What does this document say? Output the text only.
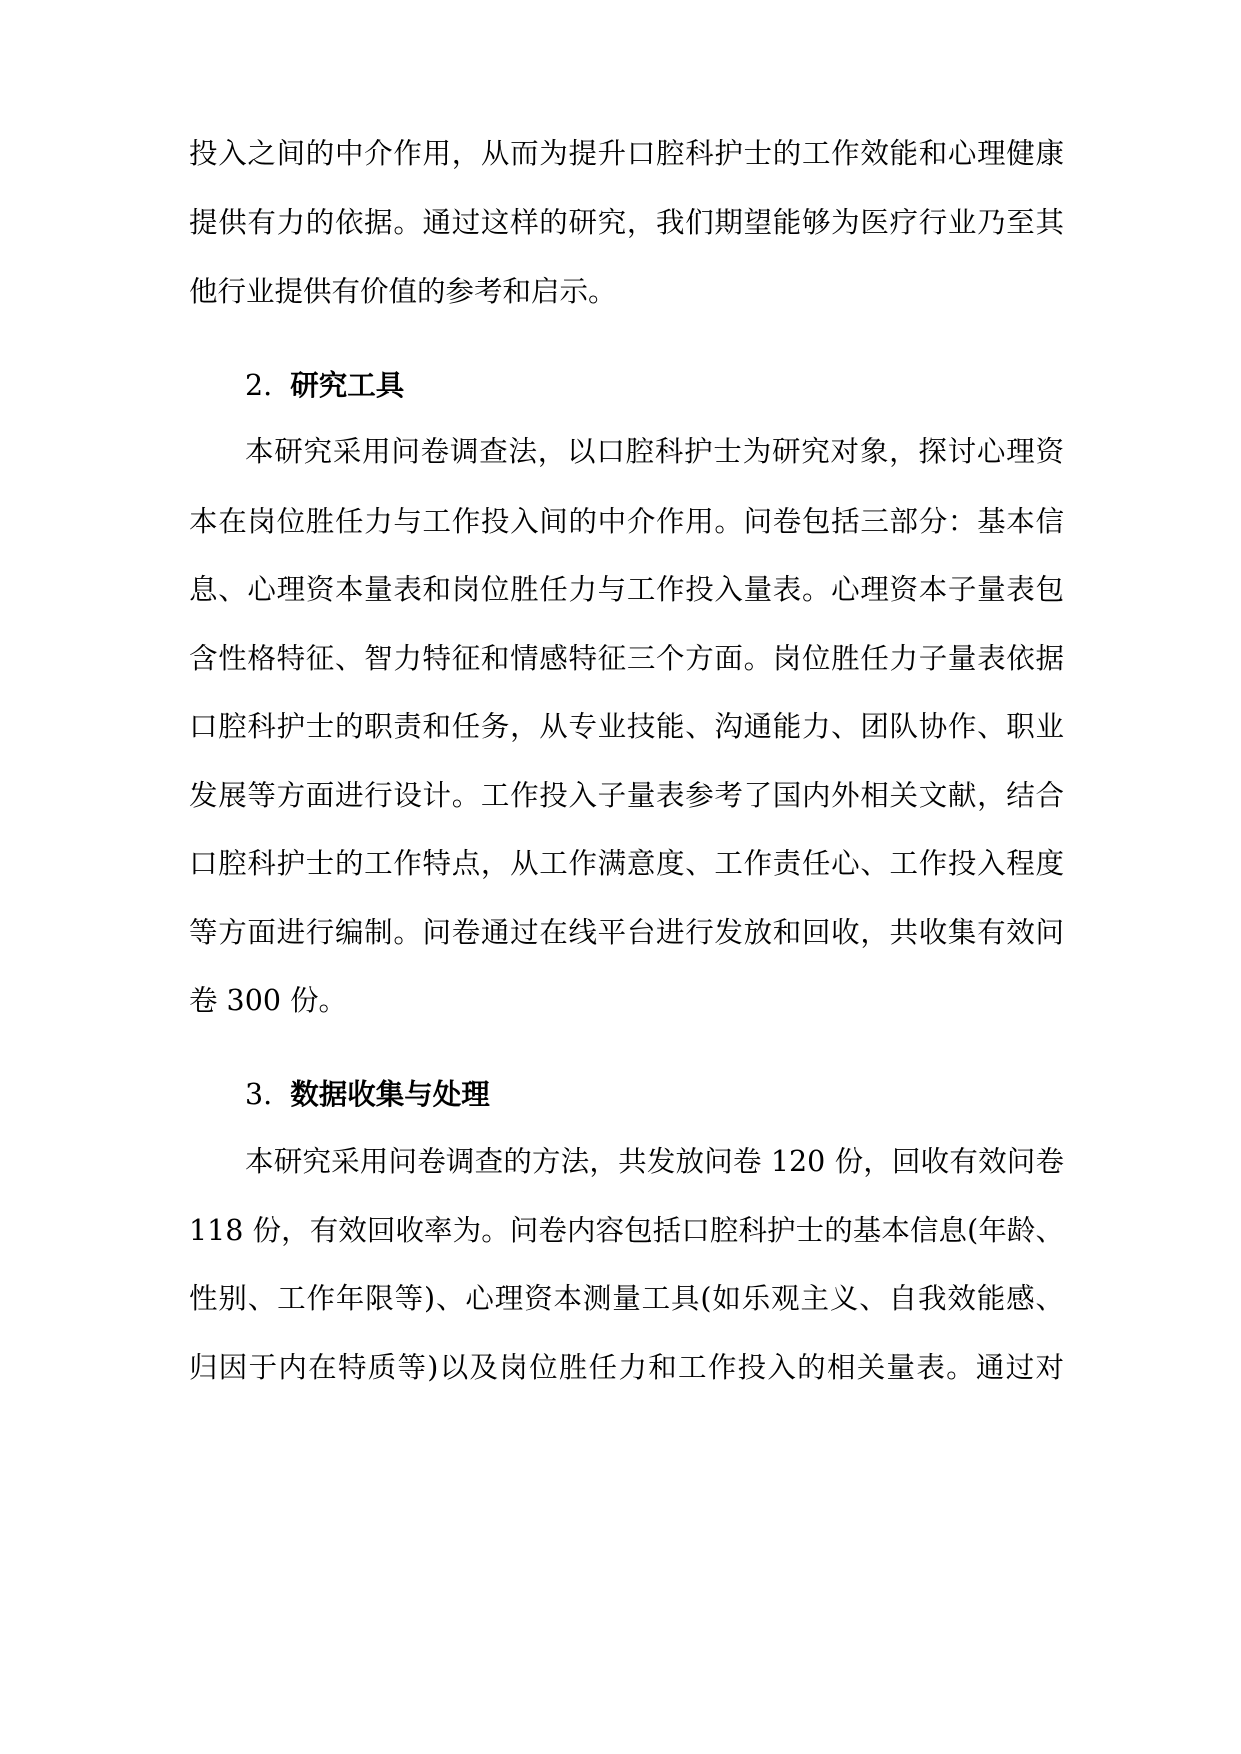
投入之间的中介作用，从而为提升口腔科护士的工作效能和心理健康
提供有力的依据。通过这样的研究，我们期望能够为医疗行业乃至其
他行业提供有价值的参考和启示。
2. 研究工具
本研究采用问卷调查法，以口腔科护士为研究对象，探讨心理资
本在岗位胜任力与工作投入间的中介作用。问卷包括三部分：基本信
息、心理资本量表和岗位胜任力与工作投入量表。心理资本子量表包
含性格特征、智力特征和情感特征三个方面。岗位胜任力子量表依据
口腔科护士的职责和任务，从专业技能、沟通能力、团队协作、职业
发展等方面进行设计。工作投入子量表参考了国内外相关文献，结合
口腔科护士的工作特点，从工作满意度、工作责任心、工作投入程度
等方面进行编制。问卷通过在线平台进行发放和回收，共收集有效问
卷 300 份。
3. 数据收集与处理
本研究采用问卷调查的方法，共发放问卷 120 份，回收有效问卷
118 份，有效回收率为。问卷内容包括口腔科护士的基本信息(年龄、
性别、工作年限等)、心理资本测量工具(如乐观主义、自我效能感、
归因于内在特质等)以及岗位胜任力和工作投入的相关量表。通过对
